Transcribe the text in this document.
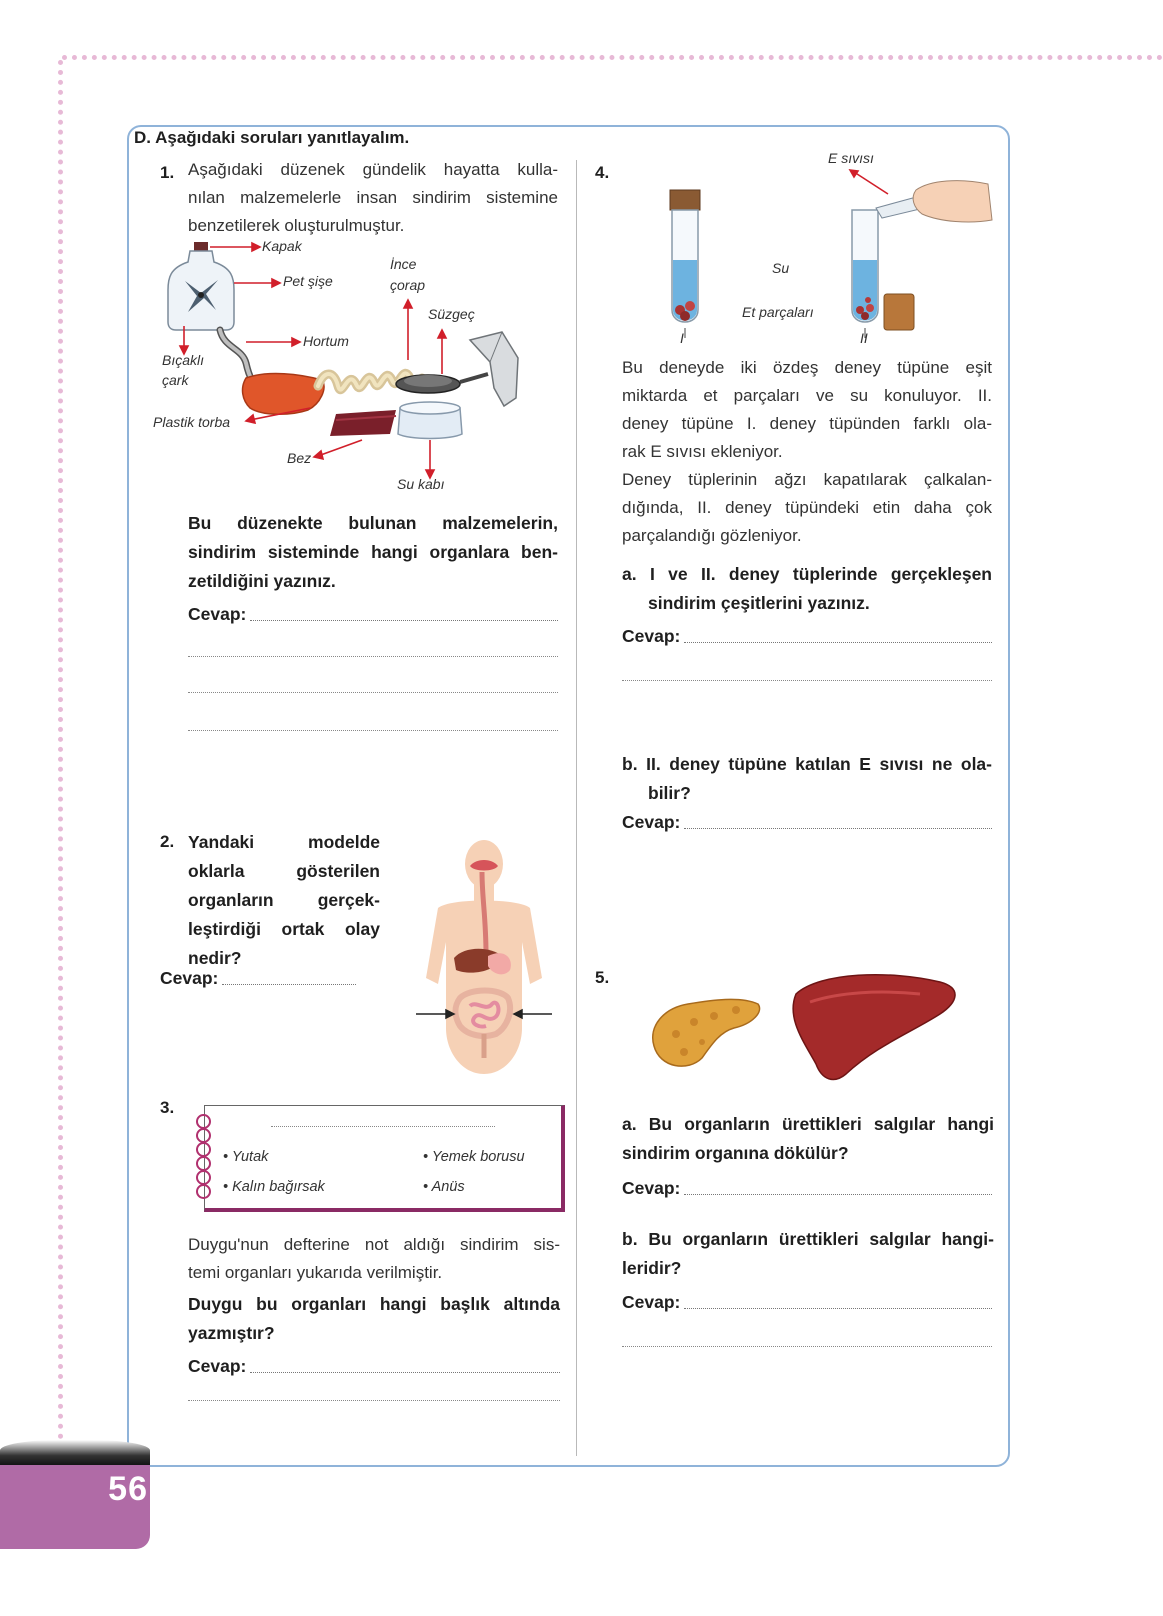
D. Aşağıdaki soruları yanıtlayalım.
1. Aşağıdaki düzenek gündelik hayatta kulla-
nılan malzemelerle insan sindirim sistemine
benzetilerek oluşturulmuştur.
Kapak
Pet şişe
İnce
çorap
Süzgeç
Hortum
Bıçaklı
çark
Plastik torba
Bez
Su kabı
Bu düzenekte bulunan malzemelerin,
sindirim sisteminde hangi organlara ben-
zetildiğini yazınız.
Cevap:
2. Yandaki modelde
oklarla gösterilen
organların gerçek-
leştirdiği ortak olay
nedir?
Cevap:
3.
• Yutak	• Yemek borusu
• Kalın bağırsak	• Anüs
Duygu'nun defterine not aldığı sindirim sis-
temi organları yukarıda verilmiştir.
Duygu bu organları hangi başlık altında
yazmıştır?
Cevap:
4.
E sıvısı
Su
Et parçaları
I	II
Bu deneyde iki özdeş deney tüpüne eşit
miktarda et parçaları ve su konuluyor. II.
deney tüpüne I. deney tüpünden farklı ola-
rak E sıvısı ekleniyor.
Deney tüplerinin ağzı kapatılarak çalkalan-
dığında, II. deney tüpündeki etin daha çok
parçalandığı gözleniyor.
a. I ve II. deney tüplerinde gerçekleşen
sindirim çeşitlerini yazınız.
Cevap:
b. II. deney tüpüne katılan E sıvısı ne ola-
bilir?
Cevap:
5.
a. Bu organların ürettikleri salgılar hangi
sindirim organına dökülür?
Cevap:
b. Bu organların ürettikleri salgılar hangi-
leridir?
Cevap:
56
